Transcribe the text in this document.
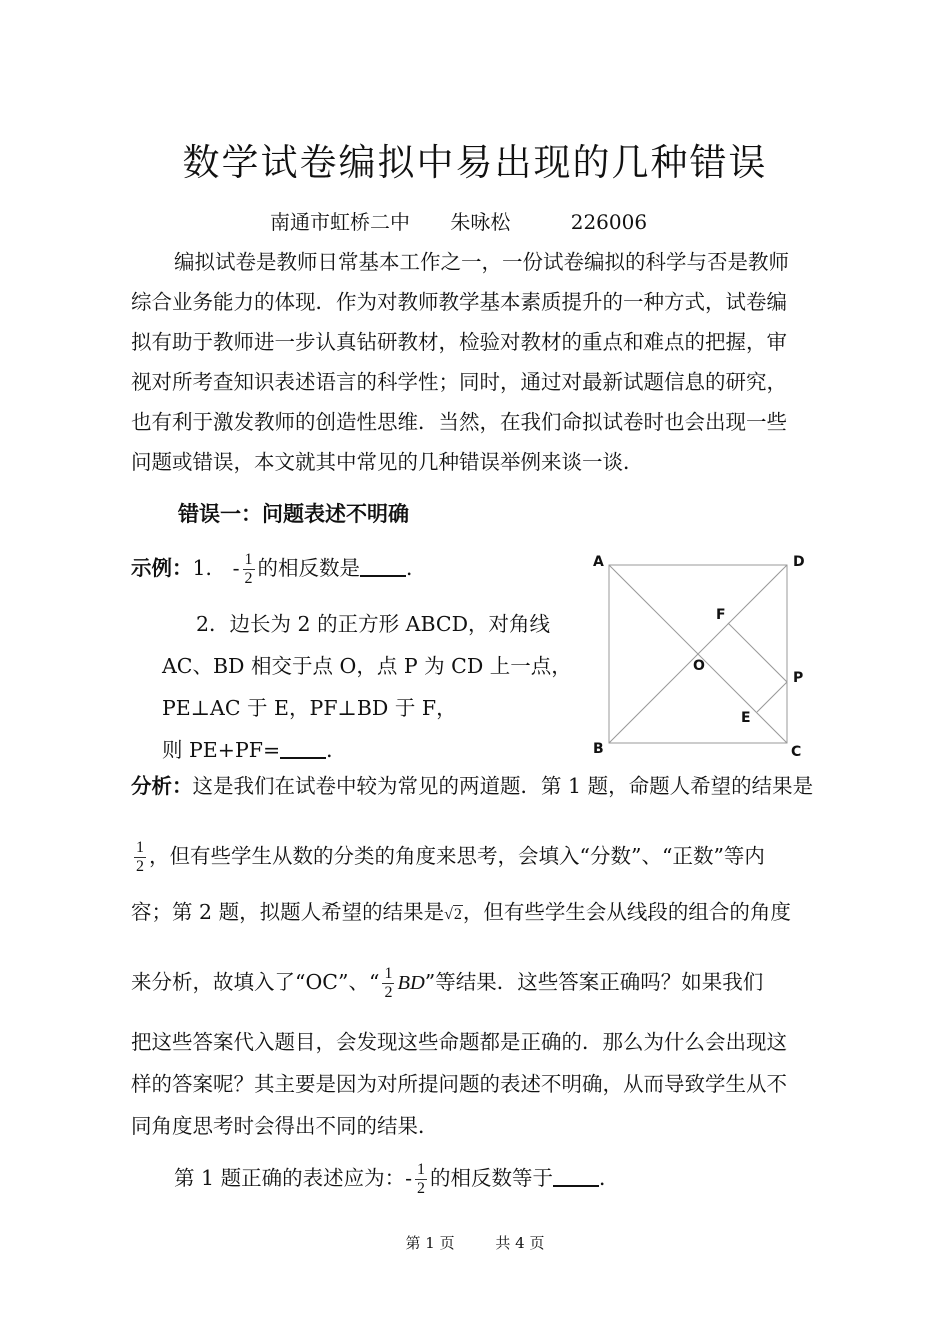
数学试卷编拟中易出现的几种错误
南通市虹桥二中 朱咏松	226006
编拟试卷是教师日常基本工作之一，一份试卷编拟的科学与否是教师
综合业务能力的体现．作为对教师教学基本素质提升的一种方式，试卷编
拟有助于教师进一步认真钻研教材，检验对教材的重点和难点的把握，审
视对所考查知识表述语言的科学性；同时，通过对最新试题信息的研究，
也有利于激发教师的创造性思维．当然，在我们命拟试卷时也会出现一些
问题或错误，本文就其中常见的几种错误举例来谈一谈．
错误一：问题表述不明确
示例：1． - $\frac{1}{2}$ 的相反数是 ．
2．边长为 2 的正方形 ABCD，对角线
AC、BD 相交于点 O，点 P 为 CD 上一点，
PE⊥AC 于 E，PF⊥BD 于 F，
则 PE+PF= ．
A	D
B	C
O
F
P
E
分析：这是我们在试卷中较为常见的两道题．第 1 题，命题人希望的结果是
$\frac{1}{2}$ ，但有些学生从数的分类的角度来思考，会填入“分数”、“正数”等内
容；第 2 题，拟题人希望的结果是√2，但有些学生会从线段的组合的角度
来分析，故填入了“OC”、“ $\frac{1}{2}$ BD”等结果．这些答案正确吗？如果我们
把这些答案代入题目，会发现这些命题都是正确的．那么为什么会出现这
样的答案呢？其主要是因为对所提问题的表述不明确，从而导致学生从不
同角度思考时会得出不同的结果．
第 1 题正确的表述应为：- $\frac{1}{2}$ 的相反数等于 ．
第 1 页	共 4 页
